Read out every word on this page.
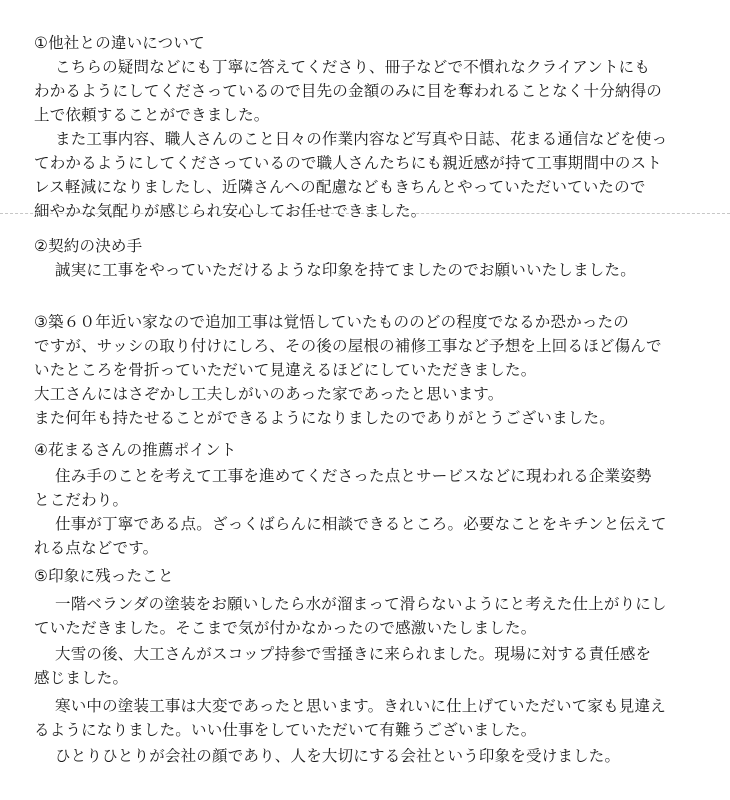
①他社との違いについて
こちらの疑問などにも丁寧に答えてくださり、冊子などで不慣れなクライアントにも
わかるようにしてくださっているので目先の金額のみに目を奪われることなく十分納得の
上で依頼することができました。
また工事内容、職人さんのこと日々の作業内容など写真や日誌、花まる通信などを使っ
てわかるようにしてくださっているので職人さんたちにも親近感が持て工事期間中のスト
レス軽減になりましたし、近隣さんへの配慮などもきちんとやっていただいていたので
細やかな気配りが感じられ安心してお任せできました。
②契約の決め手
誠実に工事をやっていただけるような印象を持てましたのでお願いいたしました。
③築６０年近い家なので追加工事は覚悟していたもののどの程度でなるか恐かったの
ですが、サッシの取り付けにしろ、その後の屋根の補修工事など予想を上回るほど傷んで
いたところを骨折っていただいて見違えるほどにしていただきました。
大工さんにはさぞかし工夫しがいのあった家であったと思います。
また何年も持たせることができるようになりましたのでありがとうございました。
④花まるさんの推薦ポイント
住み手のことを考えて工事を進めてくださった点とサービスなどに現われる企業姿勢
とこだわり。
仕事が丁寧である点。ざっくばらんに相談できるところ。必要なことをキチンと伝えて
れる点などです。
⑤印象に残ったこと
一階ベランダの塗装をお願いしたら水が溜まって滑らないようにと考えた仕上がりにし
ていただきました。そこまで気が付かなかったので感激いたしました。
大雪の後、大工さんがスコップ持参で雪掻きに来られました。現場に対する責任感を
感じました。
寒い中の塗装工事は大変であったと思います。きれいに仕上げていただいて家も見違え
るようになりました。いい仕事をしていただいて有難うございました。
ひとりひとりが会社の顔であり、人を大切にする会社という印象を受けました。
